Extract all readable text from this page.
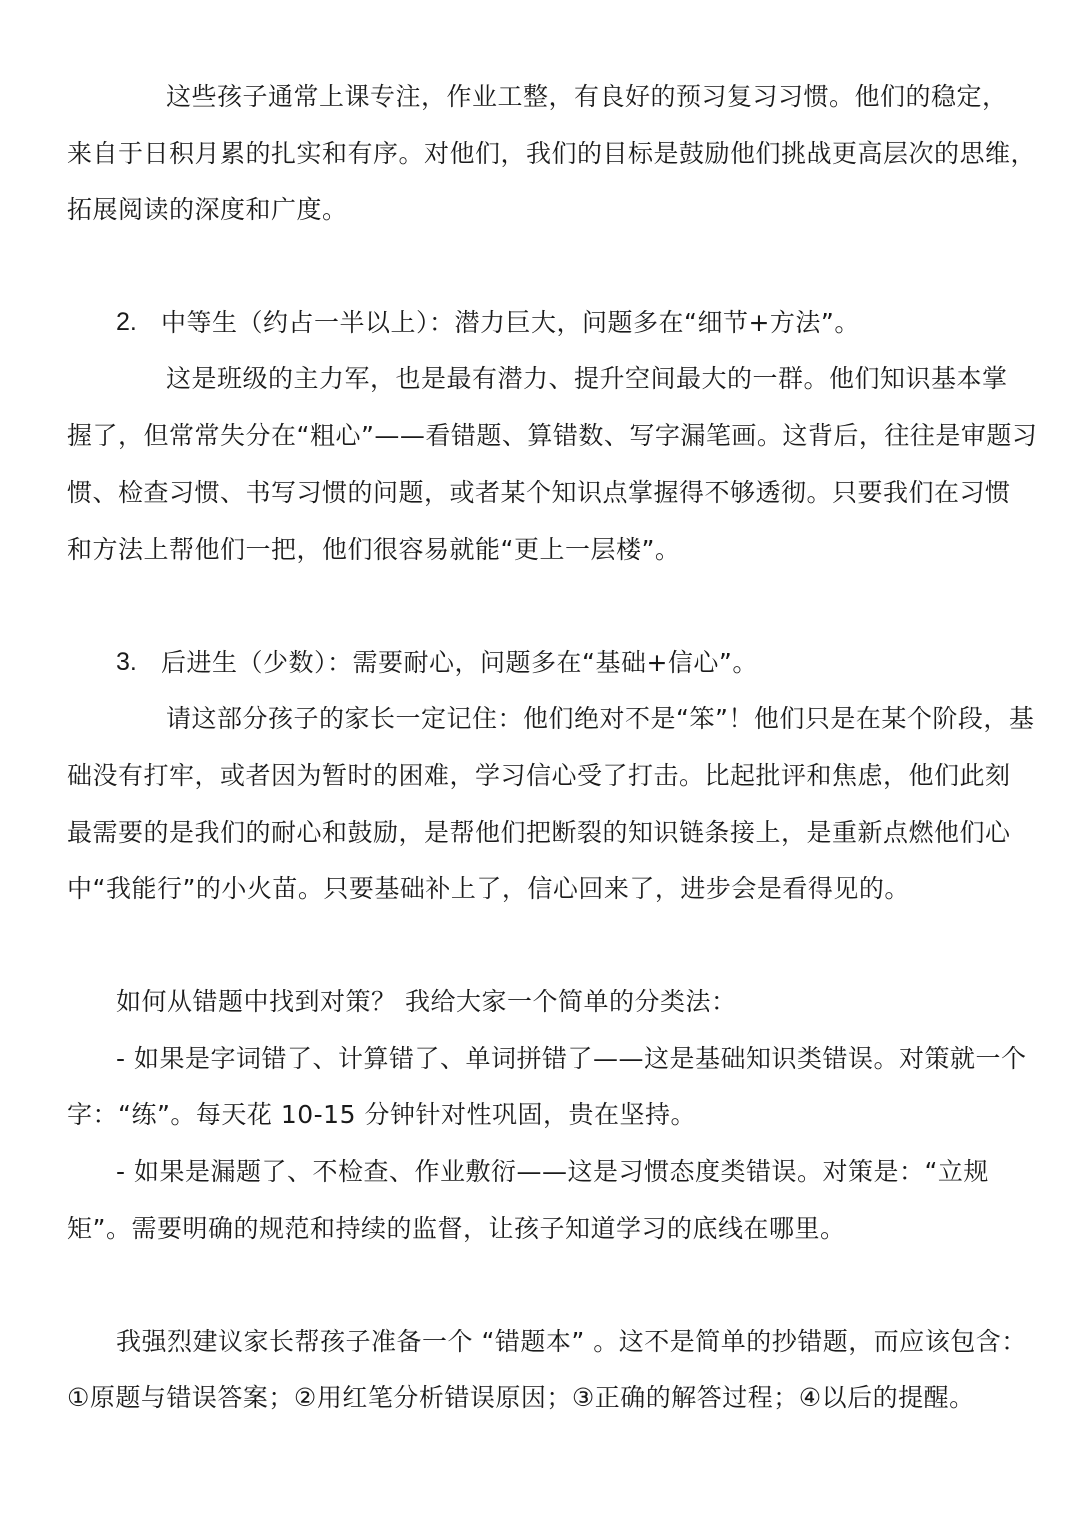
这些孩子通常上课专注，作业工整，有良好的预习复习习惯。他们的稳定，
来自于日积月累的扎实和有序。对他们，我们的目标是鼓励他们挑战更高层次的思维，
拓展阅读的深度和广度。
2. 中等生（约占一半以上）：潜力巨大，问题多在“细节+方法”。
这是班级的主力军，也是最有潜力、提升空间最大的一群。他们知识基本掌
握了，但常常失分在“粗心”——看错题、算错数、写字漏笔画。这背后，往往是审题习
惯、检查习惯、书写习惯的问题，或者某个知识点掌握得不够透彻。只要我们在习惯
和方法上帮他们一把，他们很容易就能“更上一层楼”。
3. 后进生（少数）：需要耐心，问题多在“基础+信心”。
请这部分孩子的家长一定记住：他们绝对不是“笨”！他们只是在某个阶段，基
础没有打牢，或者因为暂时的困难，学习信心受了打击。比起批评和焦虑，他们此刻
最需要的是我们的耐心和鼓励，是帮他们把断裂的知识链条接上，是重新点燃他们心
中“我能行”的小火苗。只要基础补上了，信心回来了，进步会是看得见的。
如何从错题中找到对策？ 我给大家一个简单的分类法：
- 如果是字词错了、计算错了、单词拼错了——这是基础知识类错误。对策就一个
字：“练”。每天花 10-15 分钟针对性巩固，贵在坚持。
- 如果是漏题了、不检查、作业敷衍——这是习惯态度类错误。对策是：“立规
矩”。需要明确的规范和持续的监督，让孩子知道学习的底线在哪里。
我强烈建议家长帮孩子准备一个 “错题本” 。这不是简单的抄错题，而应该包含：
①原题与错误答案；②用红笔分析错误原因；③正确的解答过程；④以后的提醒。
